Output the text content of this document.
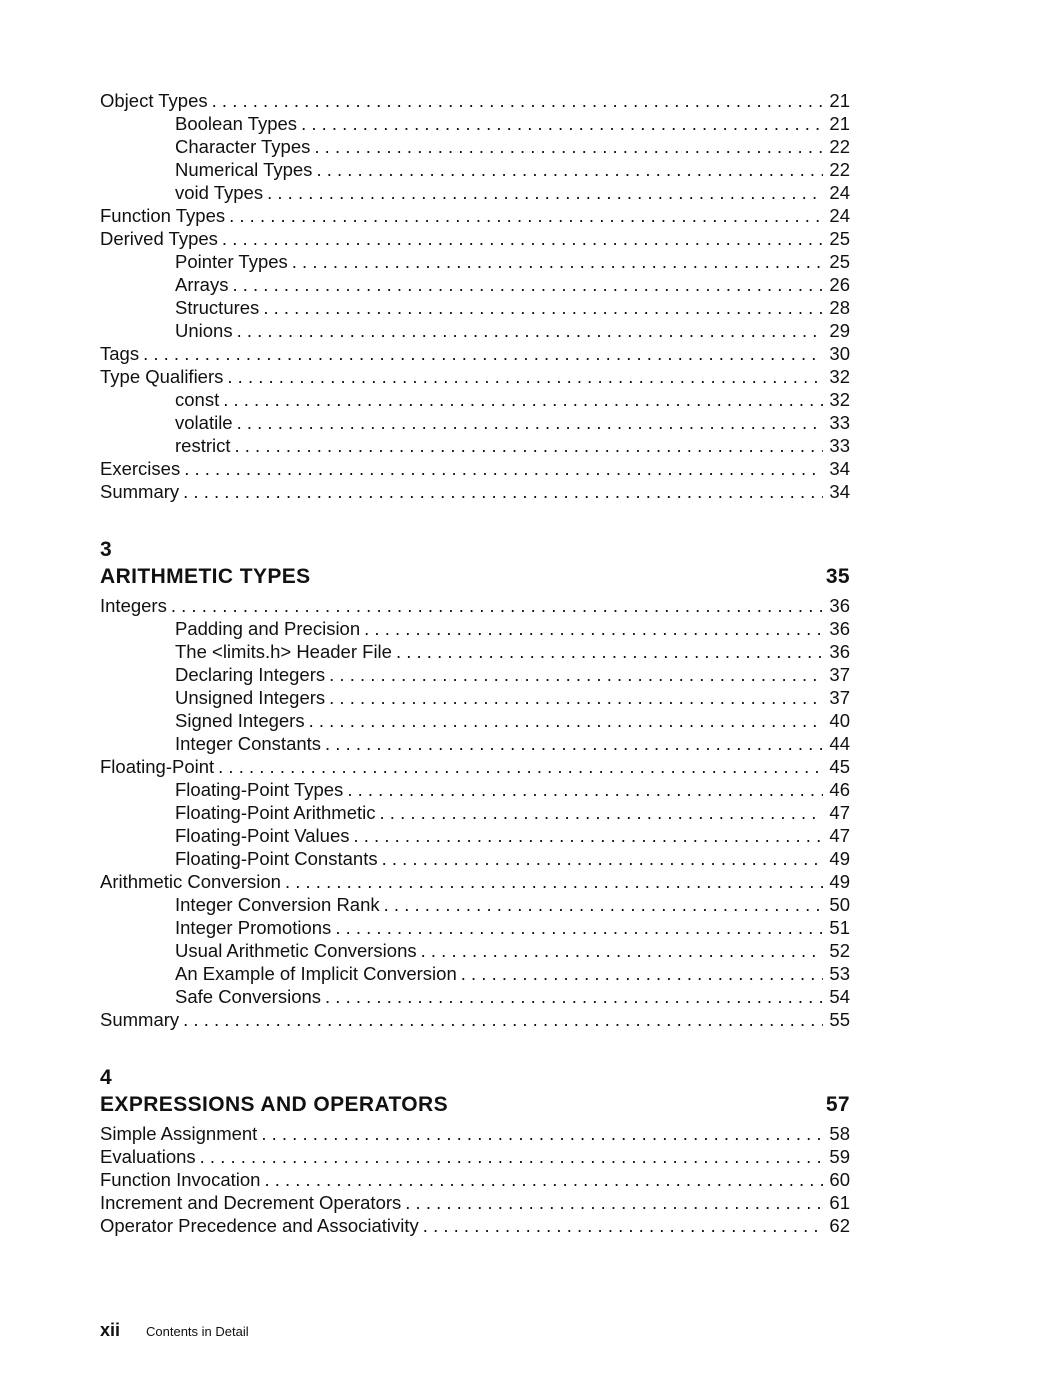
Object Types . . .	21
Boolean Types . . .	21
Character Types . . .	22
Numerical Types . . .	22
void Types . . .	24
Function Types . . .	24
Derived Types . . .	25
Pointer Types . . .	25
Arrays . . .	26
Structures . . .	28
Unions . . .	29
Tags . . .	30
Type Qualifiers . . .	32
const . . .	32
volatile . . .	33
restrict . . .	33
Exercises . . .	34
Summary . . .	34
3
ARITHMETIC TYPES	35
Integers . . .	36
Padding and Precision . . .	36
The <limits.h> Header File . . .	36
Declaring Integers . . .	37
Unsigned Integers . . .	37
Signed Integers . . .	40
Integer Constants . . .	44
Floating-Point . . .	45
Floating-Point Types . . .	46
Floating-Point Arithmetic . . .	47
Floating-Point Values . . .	47
Floating-Point Constants . . .	49
Arithmetic Conversion . . .	49
Integer Conversion Rank . . .	50
Integer Promotions . . .	51
Usual Arithmetic Conversions . . .	52
An Example of Implicit Conversion . . .	53
Safe Conversions . . .	54
Summary . . .	55
4
EXPRESSIONS AND OPERATORS	57
Simple Assignment . . .	58
Evaluations . . .	59
Function Invocation . . .	60
Increment and Decrement Operators . . .	61
Operator Precedence and Associativity . . .	62
xii Contents in Detail
